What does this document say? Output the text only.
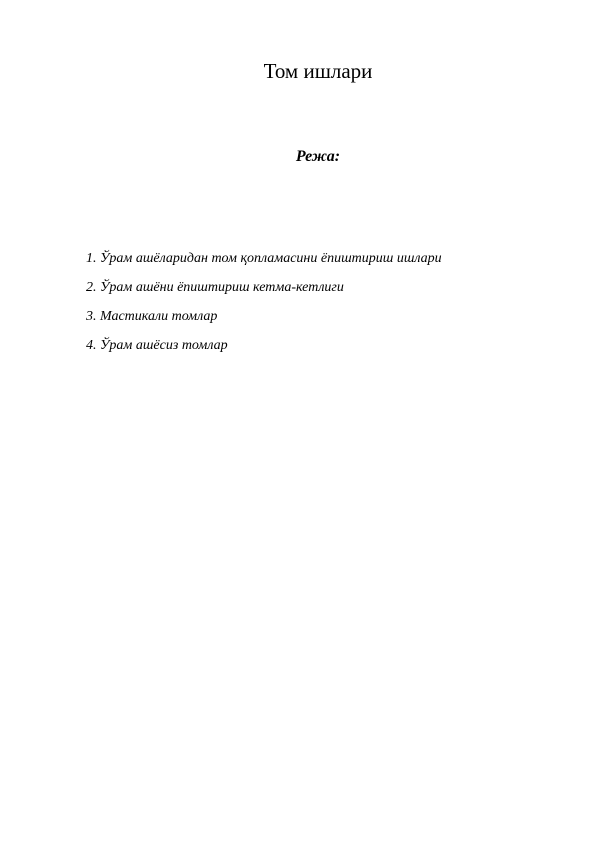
Том ишлари
Режа:
1. Ўрам ашёларидан том қопламасини ёпиштириш ишлари
2. Ўрам ашёни ёпиштириш кетма-кетлиги
3. Мастикали томлар
4. Ўрам ашёсиз томлар
